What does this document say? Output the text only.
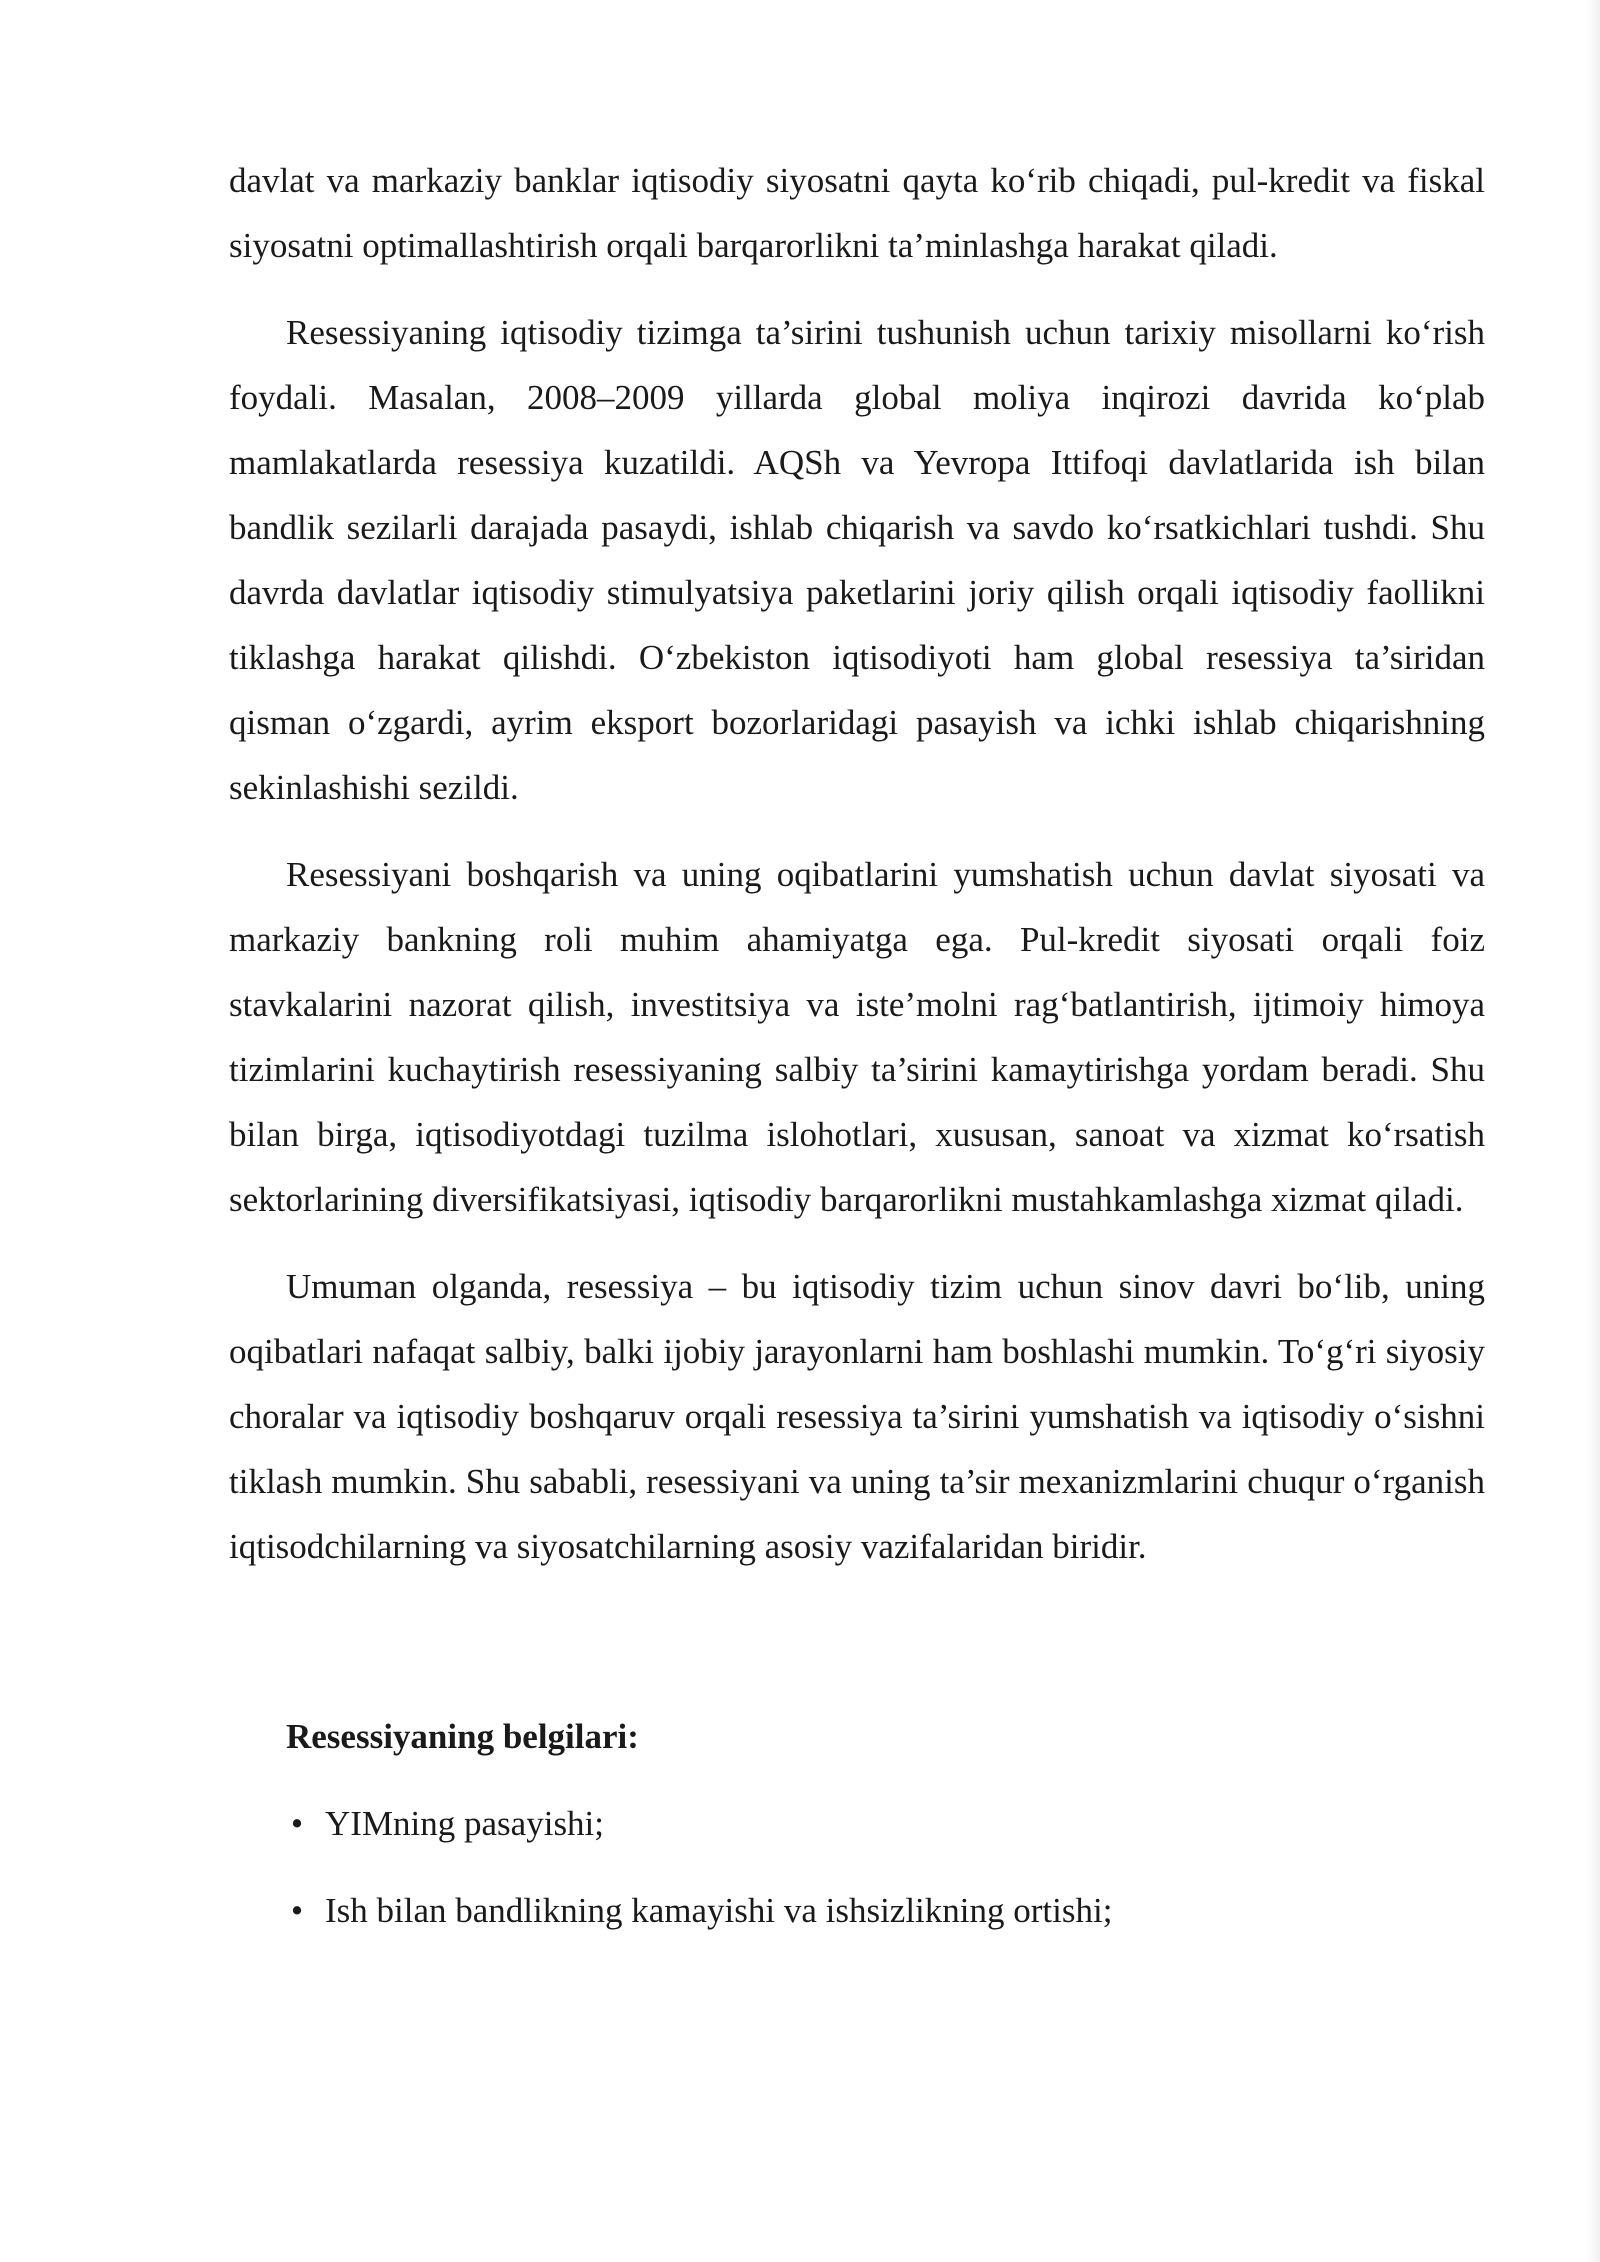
davlat va markaziy banklar iqtisodiy siyosatni qayta ko‘rib chiqadi, pul-kredit va fiskal siyosatni optimallashtirish orqali barqarorlikni ta’minlashga harakat qiladi.

Resessiyaning iqtisodiy tizimga ta’sirini tushunish uchun tarixiy misollarni ko‘rish foydali. Masalan, 2008–2009 yillarda global moliya inqirozi davrida ko‘plab mamlakatlarda resessiya kuzatildi. AQSh va Yevropa Ittifoqi davlatlarida ish bilan bandlik sezilarli darajada pasaydi, ishlab chiqarish va savdo ko‘rsatkichlari tushdi. Shu davrda davlatlar iqtisodiy stimulyatsiya paketlarini joriy qilish orqali iqtisodiy faollikni tiklashga harakat qilishdi. O‘zbekiston iqtisodiyoti ham global resessiya ta’siridan qisman o‘zgardi, ayrim eksport bozorlaridagi pasayish va ichki ishlab chiqarishning sekinlashishi sezildi.

Resessiyani boshqarish va uning oqibatlarini yumshatish uchun davlat siyosati va markaziy bankning roli muhim ahamiyatga ega. Pul-kredit siyosati orqali foiz stavkalarini nazorat qilish, investitsiya va iste’molni rag‘batlantirish, ijtimoiy himoya tizimlarini kuchaytirish resessiyaning salbiy ta’sirini kamaytirishga yordam beradi. Shu bilan birga, iqtisodiyotdagi tuzilma islohotlari, xususan, sanoat va xizmat ko‘rsatish sektorlarining diversifikatsiyasi, iqtisodiy barqarorlikni mustahkamlashga xizmat qiladi.

Umuman olganda, resessiya – bu iqtisodiy tizim uchun sinov davri bo‘lib, uning oqibatlari nafaqat salbiy, balki ijobiy jarayonlarni ham boshlashi mumkin. To‘g‘ri siyosiy choralar va iqtisodiy boshqaruv orqali resessiya ta’sirini yumshatish va iqtisodiy o‘sishni tiklash mumkin. Shu sababli, resessiyani va uning ta’sir mexanizmlarini chuqur o‘rganish iqtisodchilarning va siyosatchilarning asosiy vazifalaridan biridir.

Resessiyaning belgilari:
• YIMning pasayishi;
• Ish bilan bandlikning kamayishi va ishsizlikning ortishi;
